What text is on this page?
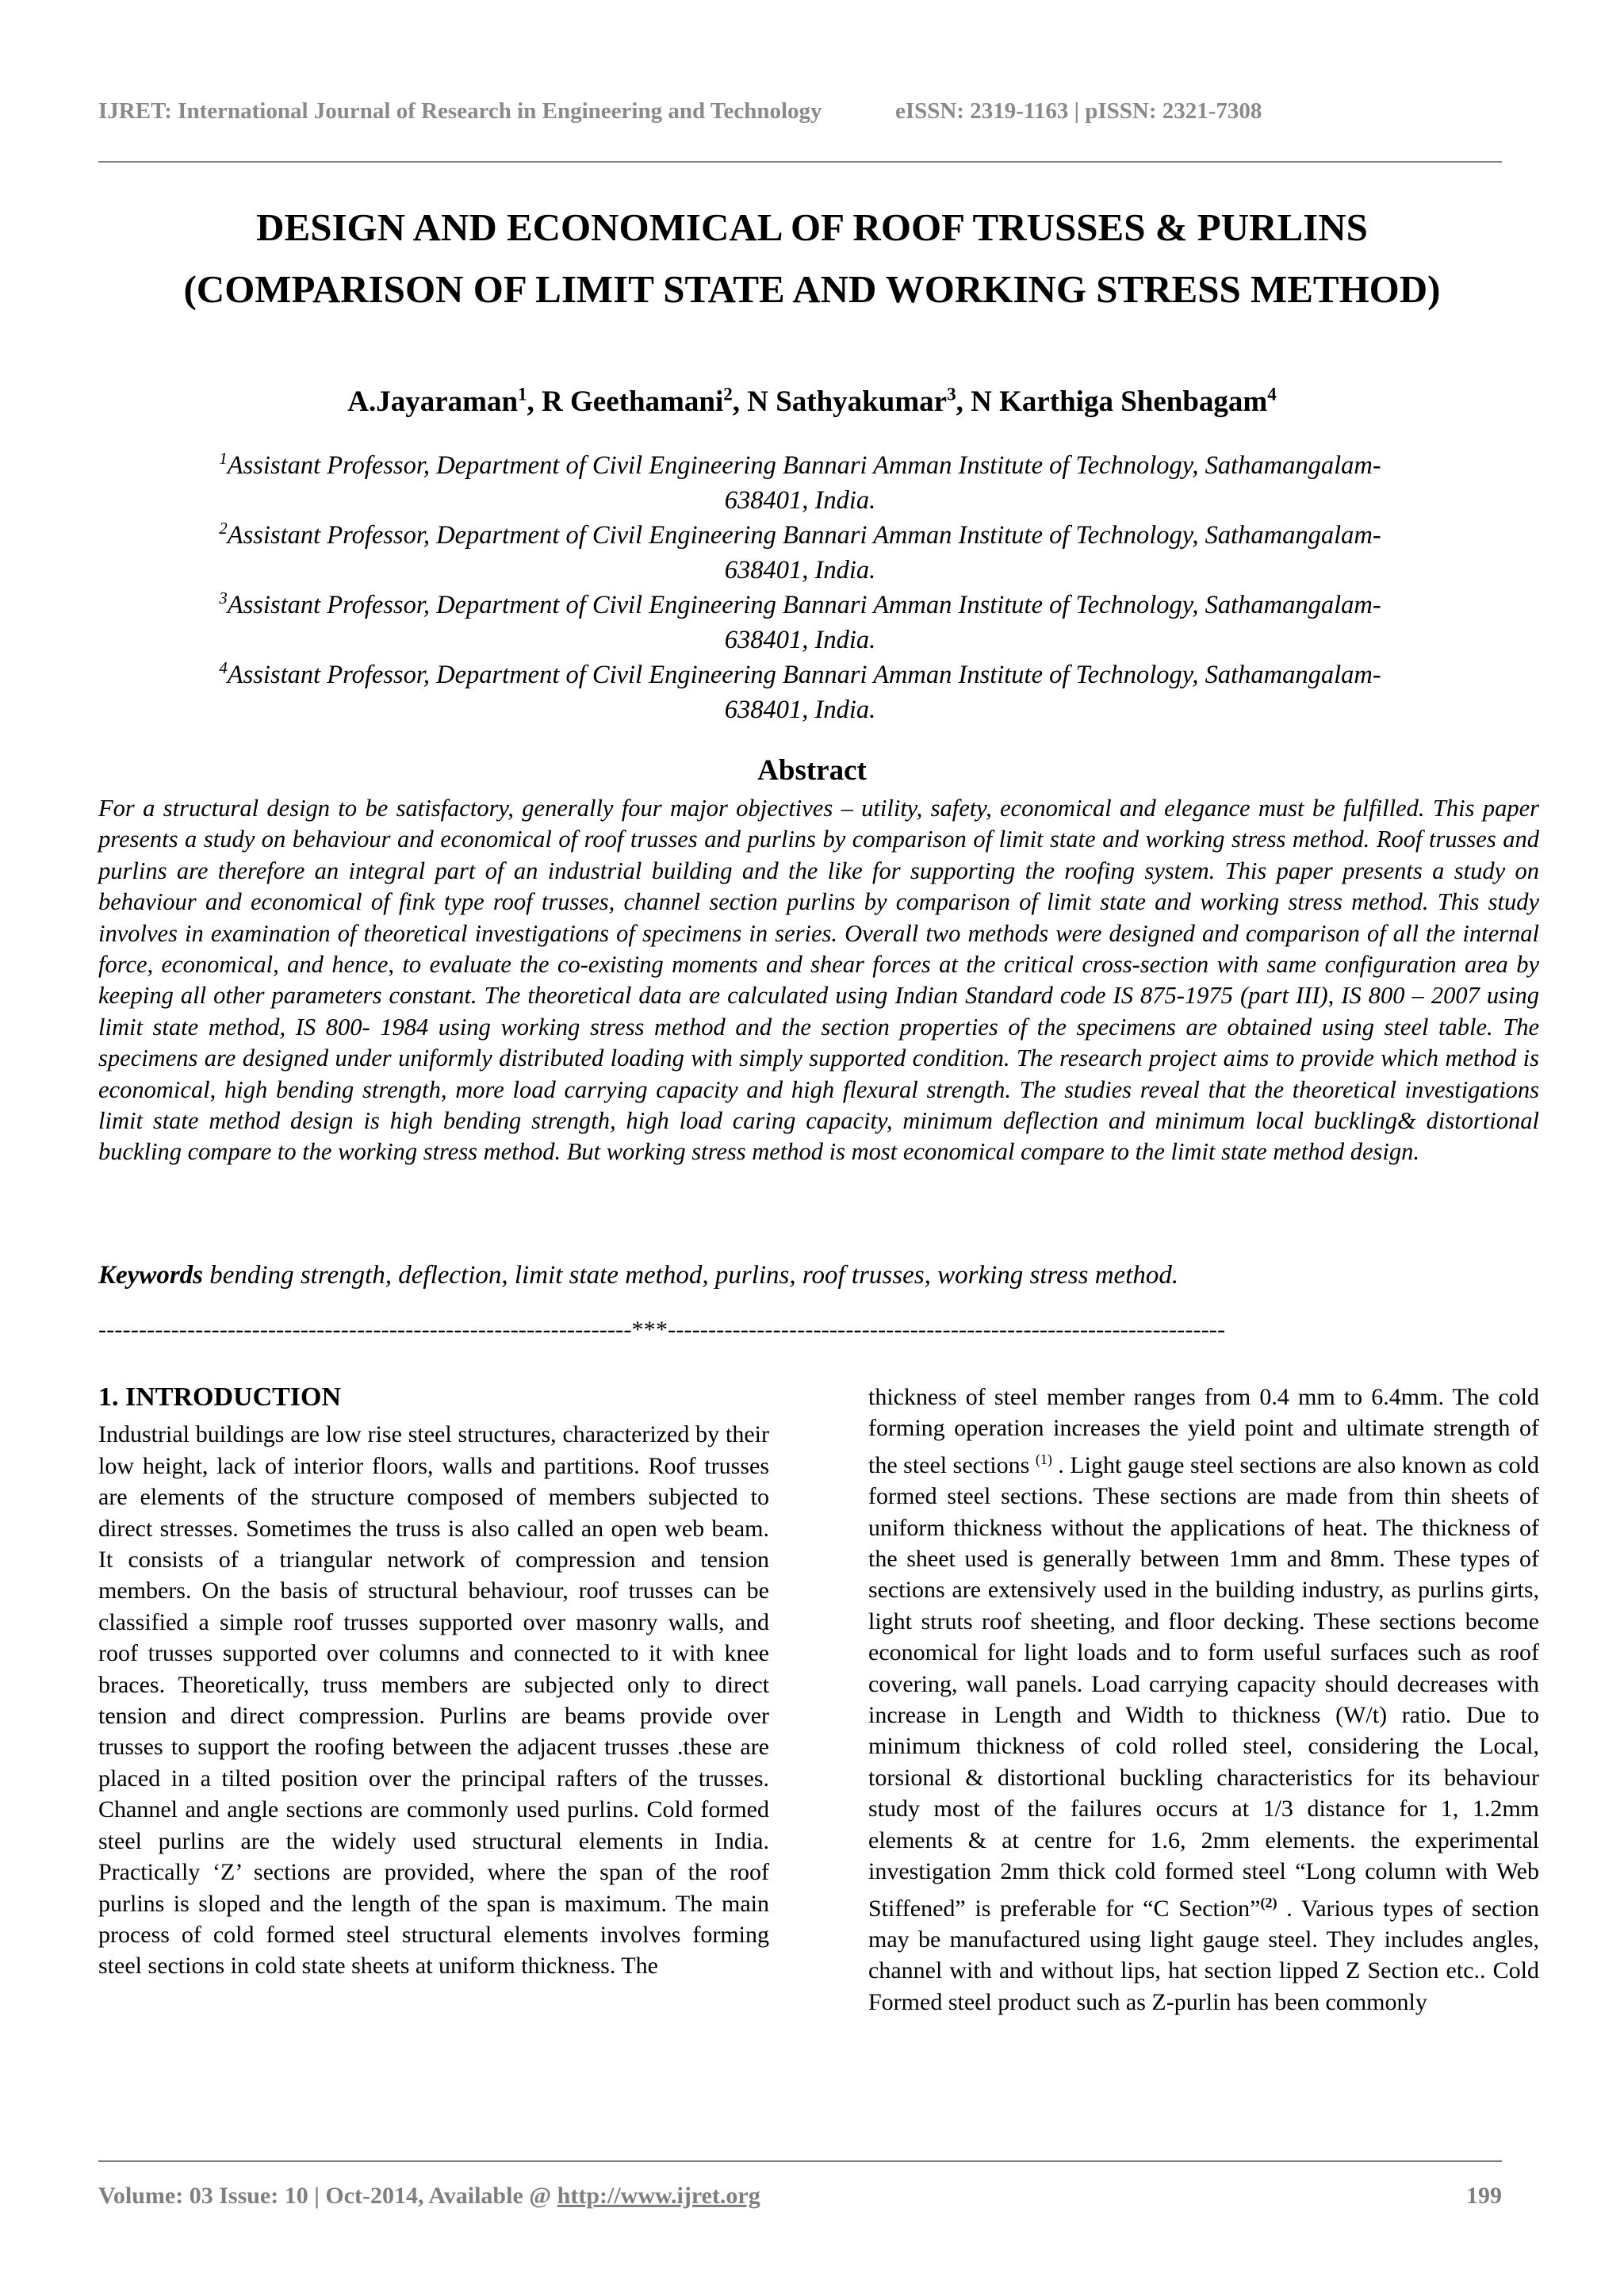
IJRET: International Journal of Research in Engineering and Technology	eISSN: 2319-1163 | pISSN: 2321-7308
DESIGN AND ECONOMICAL OF ROOF TRUSSES & PURLINS
(COMPARISON OF LIMIT STATE AND WORKING STRESS METHOD)
A.Jayaraman$^1$, R Geethamani$^2$, N Sathyakumar$^3$, N Karthiga Shenbagam$^4$
$^1$Assistant Professor, Department of Civil Engineering Bannari Amman Institute of Technology, Sathamangalam-
638401, India.
$^2$Assistant Professor, Department of Civil Engineering Bannari Amman Institute of Technology, Sathamangalam-
638401, India.
$^3$Assistant Professor, Department of Civil Engineering Bannari Amman Institute of Technology, Sathamangalam-
638401, India.
$^4$Assistant Professor, Department of Civil Engineering Bannari Amman Institute of Technology, Sathamangalam-
638401, India.
Abstract
For a structural design to be satisfactory, generally four major objectives – utility, safety, economical and elegance must be fulfilled. This paper presents a study on behaviour and economical of roof trusses and purlins by comparison of limit state and working stress method. Roof trusses and purlins are therefore an integral part of an industrial building and the like for supporting the roofing system. This paper presents a study on behaviour and economical of fink type roof trusses, channel section purlins by comparison of limit state and working stress method. This study involves in examination of theoretical investigations of specimens in series. Overall two methods were designed and comparison of all the internal force, economical, and hence, to evaluate the co-existing moments and shear forces at the critical cross-section with same configuration area by keeping all other parameters constant. The theoretical data are calculated using Indian Standard code IS 875-1975 (part III), IS 800 – 2007 using limit state method, IS 800- 1984 using working stress method and the section properties of the specimens are obtained using steel table. The specimens are designed under uniformly distributed loading with simply supported condition. The research project aims to provide which method is economical, high bending strength, more load carrying capacity and high flexural strength. The studies reveal that the theoretical investigations limit state method design is high bending strength, high load caring capacity, minimum deflection and minimum local buckling& distortional buckling compare to the working stress method. But working stress method is most economical compare to the limit state method design.
Keywords bending strength, deflection, limit state method, purlins, roof trusses, working stress method.
------------------------------------------------------------------***---------------------------------------------------------------------
1. INTRODUCTION
Industrial buildings are low rise steel structures, characterized by their low height, lack of interior floors, walls and partitions. Roof trusses are elements of the structure composed of members subjected to direct stresses. Sometimes the truss is also called an open web beam. It consists of a triangular network of compression and tension members. On the basis of structural behaviour, roof trusses can be classified a simple roof trusses supported over masonry walls, and roof trusses supported over columns and connected to it with knee braces. Theoretically, truss members are subjected only to direct tension and direct compression. Purlins are beams provide over trusses to support the roofing between the adjacent trusses .these are placed in a tilted position over the principal rafters of the trusses. Channel and angle sections are commonly used purlins. Cold formed steel purlins are the widely used structural elements in India. Practically ‘Z’ sections are provided, where the span of the roof purlins is sloped and the length of the span is maximum. The main process of cold formed steel structural elements involves forming steel sections in cold state sheets at uniform thickness. The
thickness of steel member ranges from 0.4 mm to 6.4mm. The cold forming operation increases the yield point and ultimate strength of the steel sections $^{(1)}$ . Light gauge steel sections are also known as cold formed steel sections. These sections are made from thin sheets of uniform thickness without the applications of heat. The thickness of the sheet used is generally between 1mm and 8mm. These types of sections are extensively used in the building industry, as purlins girts, light struts roof sheeting, and floor decking. These sections become economical for light loads and to form useful surfaces such as roof covering, wall panels. Load carrying capacity should decreases with increase in Length and Width to thickness (W/t) ratio. Due to minimum thickness of cold rolled steel, considering the Local, torsional & distortional buckling characteristics for its behaviour study most of the failures occurs at 1/3 distance for 1, 1.2mm elements & at centre for 1.6, 2mm elements. the experimental investigation 2mm thick cold formed steel “Long column with Web Stiffened” is preferable for “C Section”$^{(2)}$ . Various types of section may be manufactured using light gauge steel. They includes angles, channel with and without lips, hat section lipped Z Section etc.. Cold Formed steel product such as Z-purlin has been commonly
Volume: 03 Issue: 10 | Oct-2014, Available @ http://www.ijret.org	199
